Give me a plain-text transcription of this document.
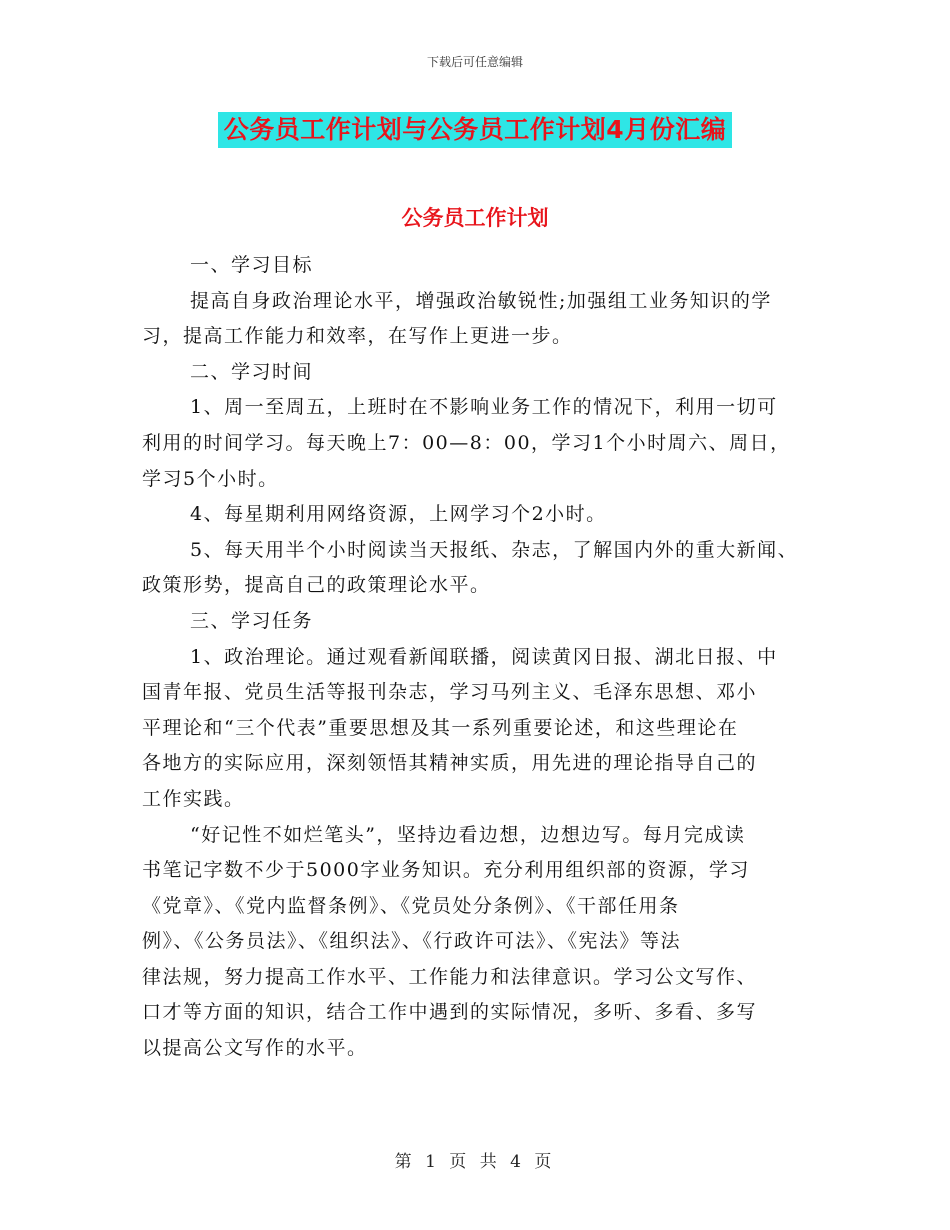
下载后可任意编辑
公务员工作计划与公务员工作计划4月份汇编
公务员工作计划
一、学习目标
提高自身政治理论水平，增强政治敏锐性;加强组工业务知识的学
习，提高工作能力和效率，在写作上更进一步。
二、学习时间
1、周一至周五，上班时在不影响业务工作的情况下，利用一切可
利用的时间学习。每天晚上7：00—8：00，学习1个小时周六、周日，
学习5个小时。
4、每星期利用网络资源，上网学习个2小时。
5、每天用半个小时阅读当天报纸、杂志，了解国内外的重大新闻、
政策形势，提高自己的政策理论水平。
三、学习任务
1、政治理论。通过观看新闻联播，阅读黄冈日报、湖北日报、中
国青年报、党员生活等报刊杂志，学习马列主义、毛泽东思想、邓小
平理论和“三个代表”重要思想及其一系列重要论述，和这些理论在
各地方的实际应用，深刻领悟其精神实质，用先进的理论指导自己的
工作实践。
“好记性不如烂笔头”，坚持边看边想，边想边写。每月完成读
书笔记字数不少于5000字业务知识。充分利用组织部的资源，学习
《党章》、《党内监督条例》、《党员处分条例》、《干部任用条
例》、《公务员法》、《组织法》、《行政许可法》、《宪法》等法
律法规，努力提高工作水平、工作能力和法律意识。学习公文写作、
口才等方面的知识，结合工作中遇到的实际情况，多听、多看、多写
以提高公文写作的水平。
第 1 页 共 4 页
